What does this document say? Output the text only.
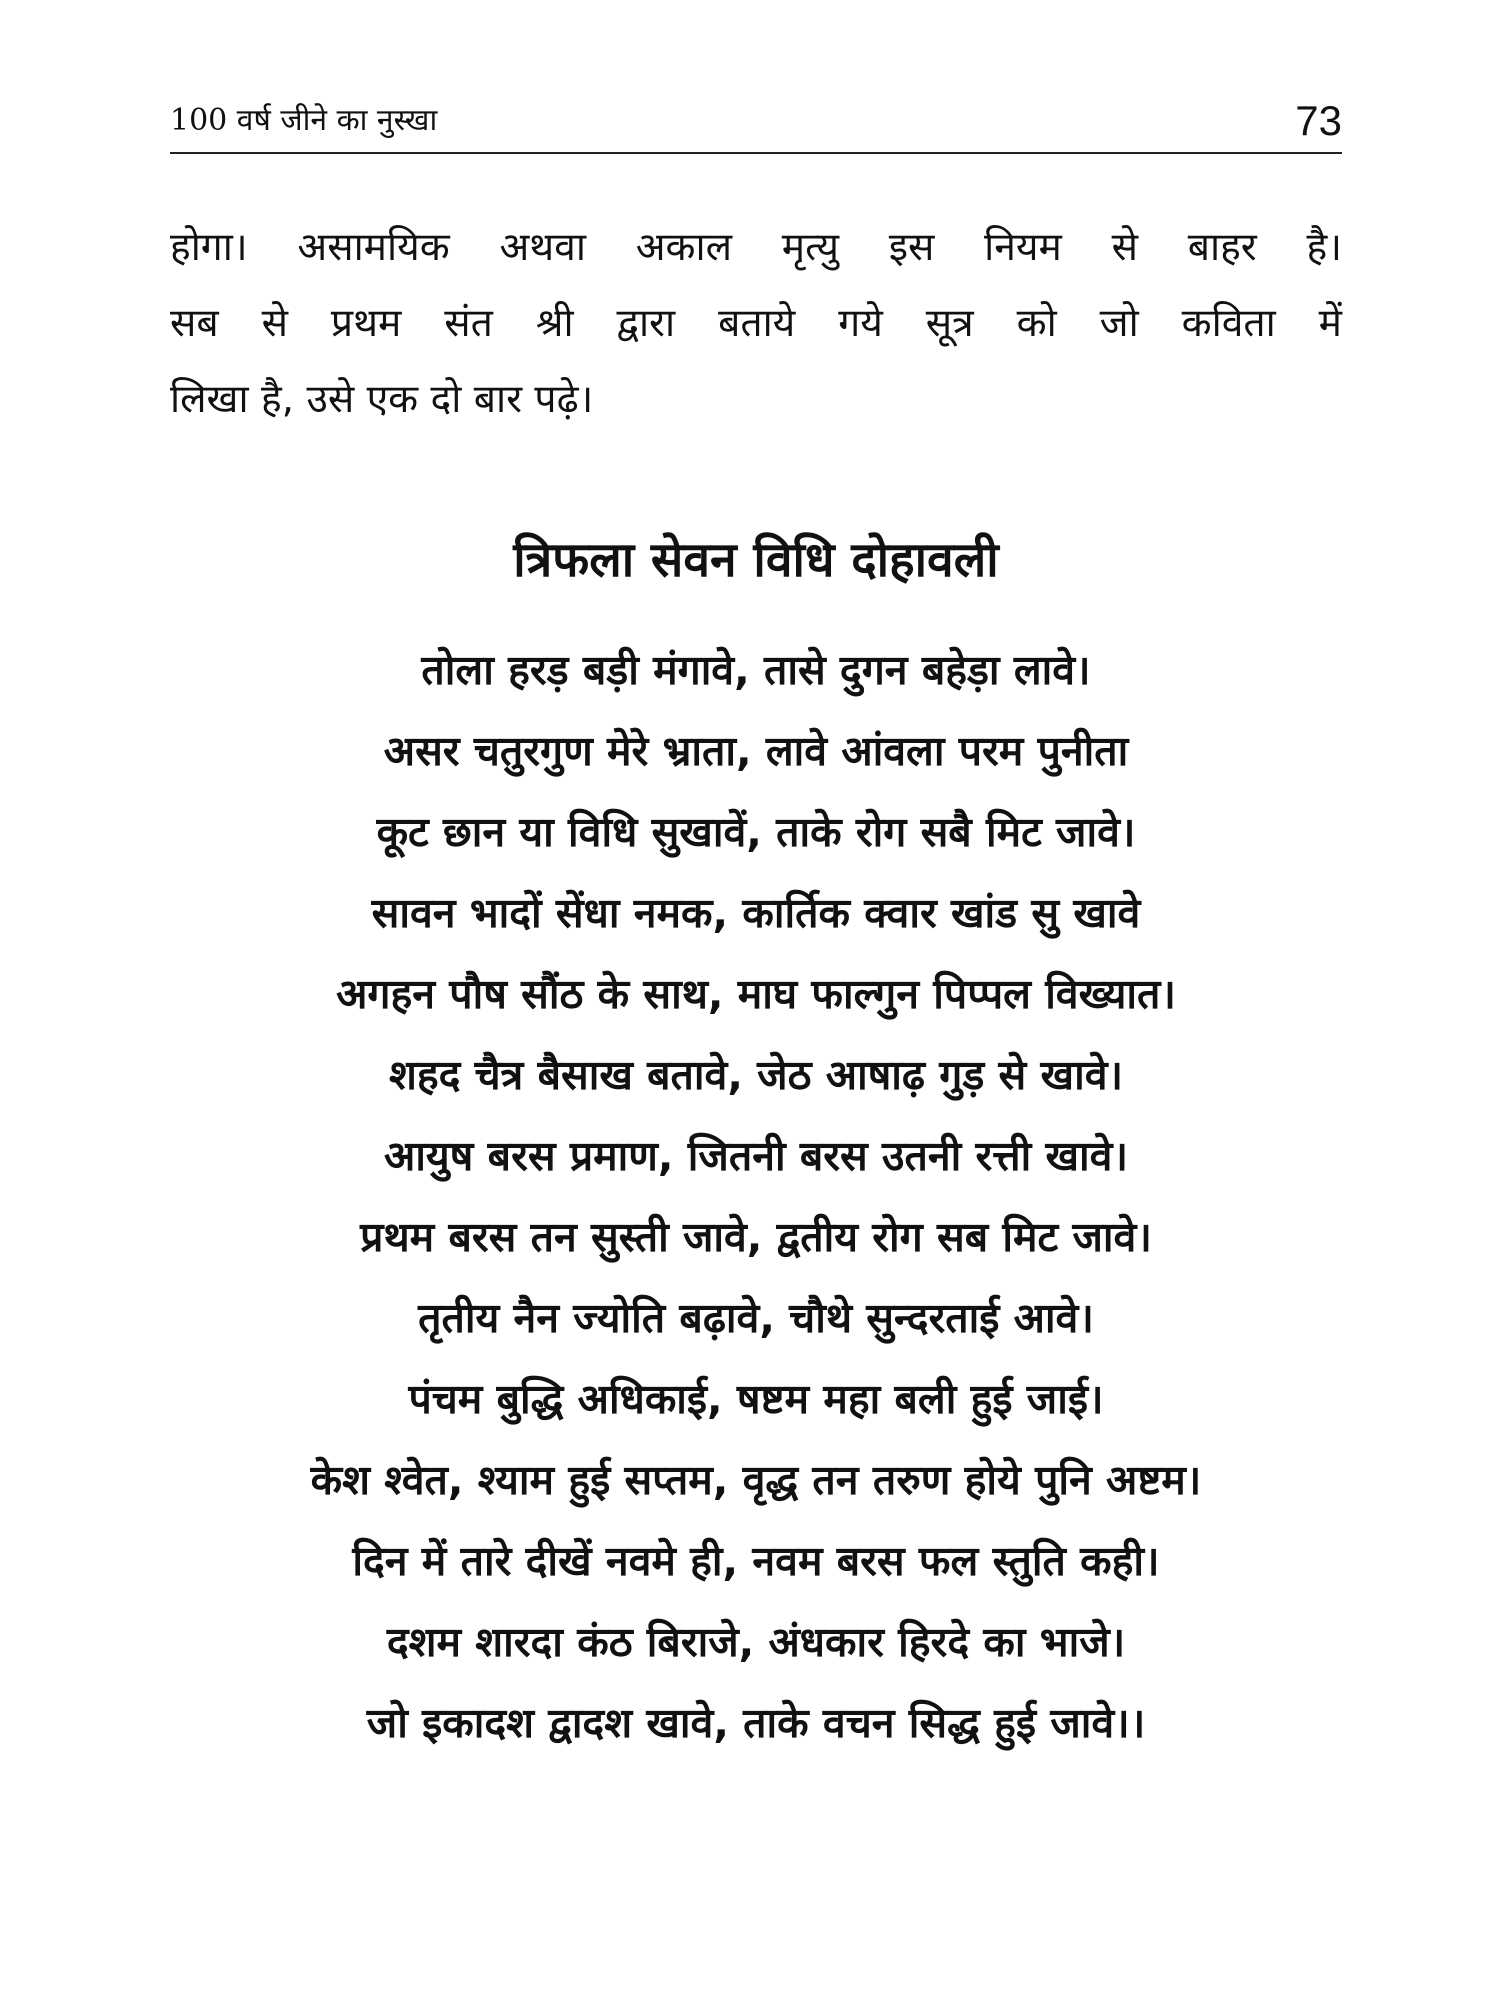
100 वर्ष जीने का नुस्खा	73
होगा। असामयिक अथवा अकाल मृत्यु इस नियम से बाहर है।
सब से प्रथम संत श्री द्वारा बताये गये सूत्र को जो कविता में
लिखा है, उसे एक दो बार पढ़े।
त्रिफला सेवन विधि दोहावली
तोला हरड़ बड़ी मंगावे, तासे दुगन बहेड़ा लावे।
असर चतुरगुण मेरे भ्राता, लावे आंवला परम पुनीता
कूट छान या विधि सुखावें, ताके रोग सबै मिट जावे।
सावन भादों सेंधा नमक, कार्तिक क्वार खांड सु खावे
अगहन पौष सौंठ के साथ, माघ फाल्गुन पिप्पल विख्यात।
शहद चैत्र बैसाख बतावे, जेठ आषाढ़ गुड़ से खावे।
आयुष बरस प्रमाण, जितनी बरस उतनी रत्ती खावे।
प्रथम बरस तन सुस्ती जावे, द्वतीय रोग सब मिट जावे।
तृतीय नैन ज्योति बढ़ावे, चौथे सुन्दरताई आवे।
पंचम बुद्धि अधिकाई, षष्टम महा बली हुई जाई।
केश श्वेत, श्याम हुई सप्तम, वृद्ध तन तरुण होये पुनि अष्टम।
दिन में तारे दीखें नवमे ही, नवम बरस फल स्तुति कही।
दशम शारदा कंठ बिराजे, अंधकार हिरदे का भाजे।
जो इकादश द्वादश खावे, ताके वचन सिद्ध हुई जावे।।
